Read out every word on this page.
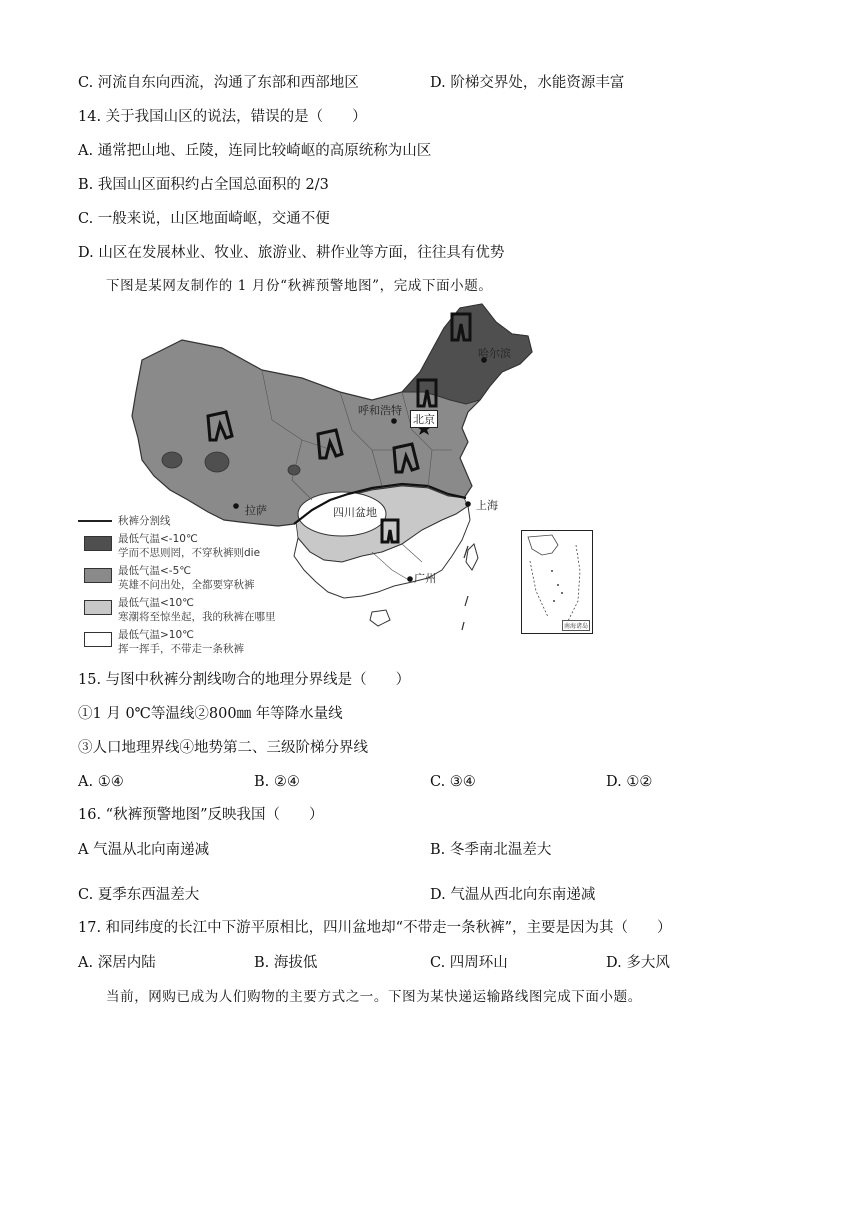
C. 河流自东向西流，沟通了东部和西部地区	D. 阶梯交界处，水能资源丰富
14. 关于我国山区的说法，错误的是（　　）
A. 通常把山地、丘陵，连同比较崎岖的高原统称为山区
B. 我国山区面积约占全国总面积的 2/3
C. 一般来说，山区地面崎岖，交通不便
D. 山区在发展林业、牧业、旅游业、耕作业等方面，往往具有优势
下图是某网友制作的 1 月份“秋裤预警地图”，完成下面小题。
哈尔滨
呼和浩特
北京
拉萨	四川盆地
上海
广州
南海诸岛
秋裤分割线
最低气温<-10℃
学而不思则罔，不穿秋裤则die
最低气温<-5℃
英雄不问出处，全都要穿秋裤
最低气温<10℃
寒潮将至惊坐起，我的秋裤在哪里
最低气温>10℃
挥一挥手，不带走一条秋裤
15. 与图中秋裤分割线吻合的地理分界线是（　　）
①1 月 0℃等温线②800㎜ 年等降水量线
③人口地理界线④地势第二、三级阶梯分界线
A. ①④	B. ②④	C. ③④	D. ①②
16. “秋裤预警地图”反映我国（　　）
A 气温从北向南递减	B. 冬季南北温差大
C. 夏季东西温差大	D. 气温从西北向东南递减
17. 和同纬度的长江中下游平原相比，四川盆地却“不带走一条秋裤”，主要是因为其（　　）
A. 深居内陆	B. 海拔低	C. 四周环山	D. 多大风
当前，网购已成为人们购物的主要方式之一。下图为某快递运输路线图完成下面小题。
